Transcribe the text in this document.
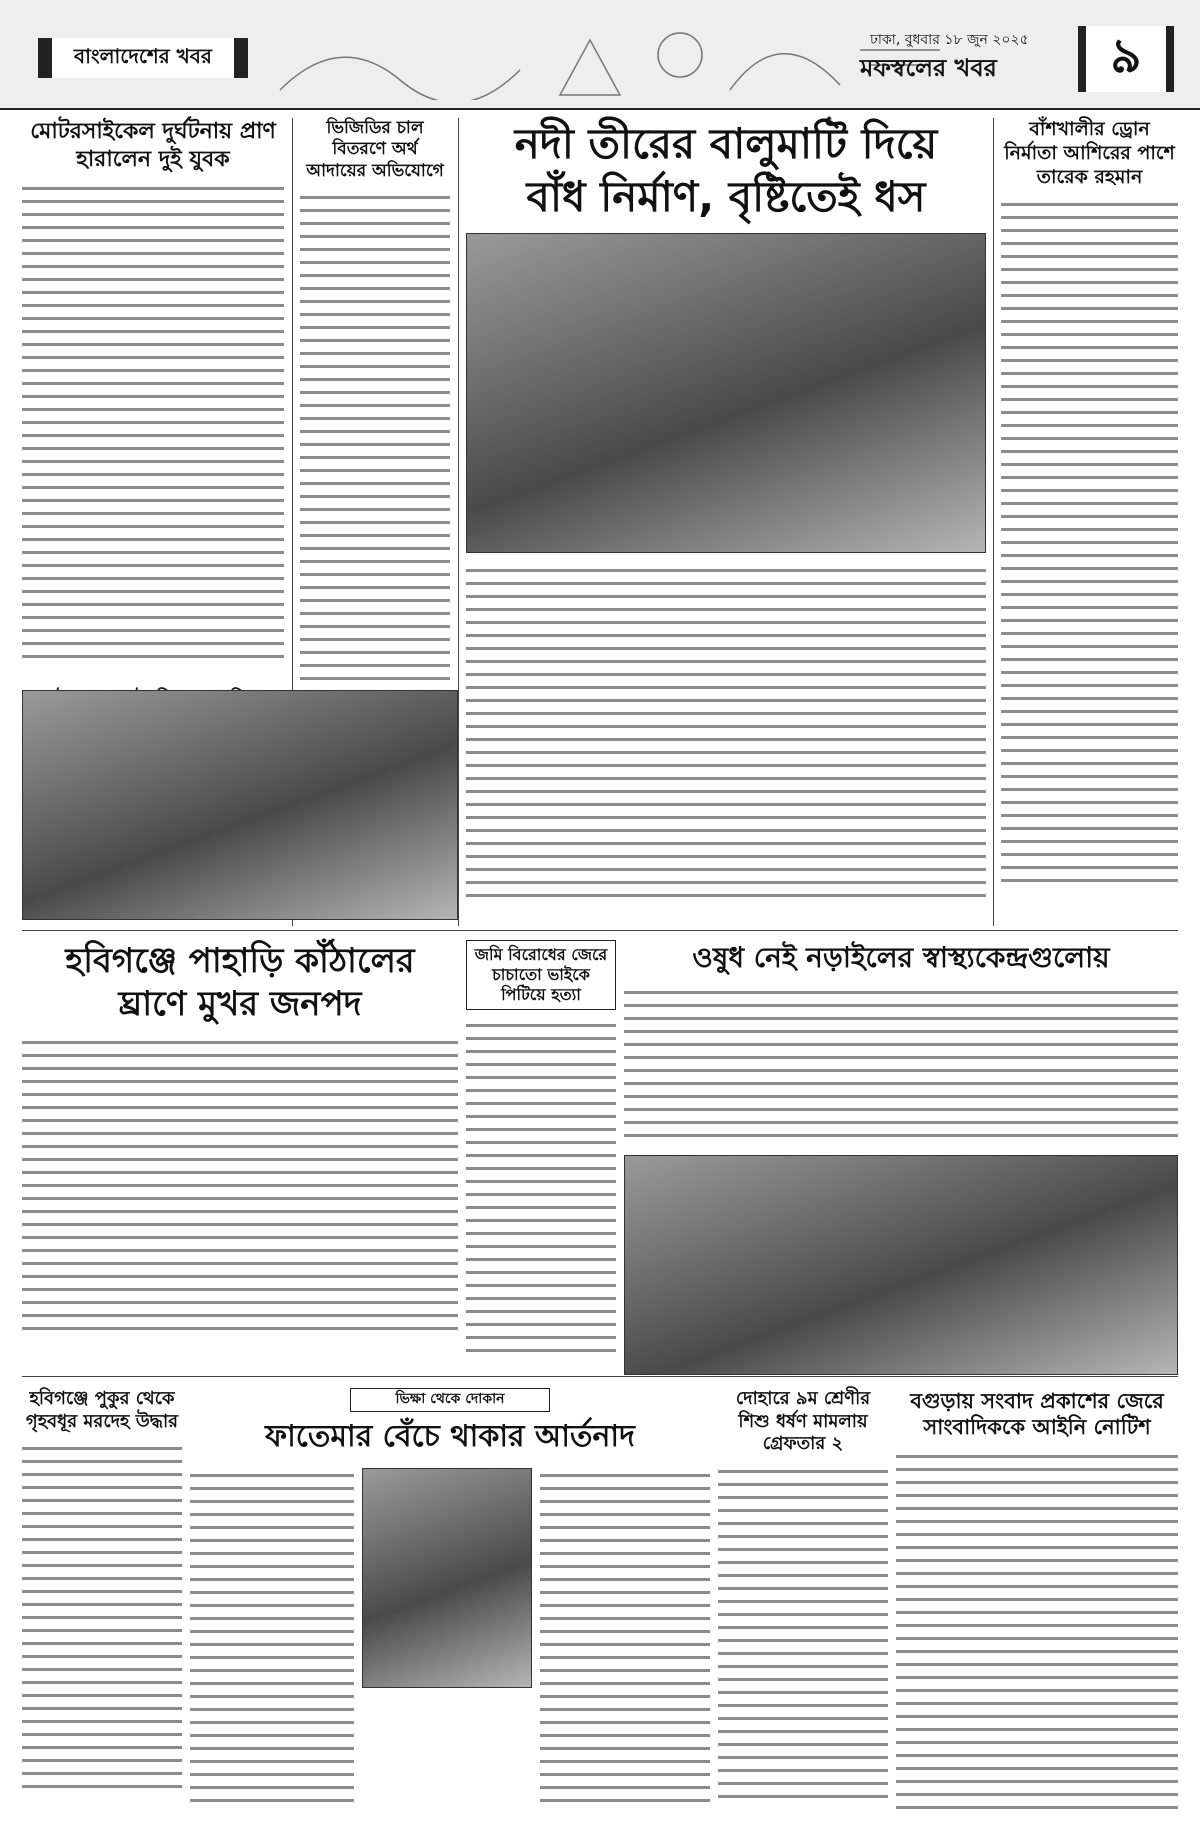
বাংলাদেশের খবর
ঢাকা, বুধবার ১৮ জুন ২০২৫
মফস্বলের খবর	৯
মোটরসাইকেল দুর্ঘটনায় প্রাণ হারালেন দুই যুবক
ভিজিডির চাল বিতরণে অর্থ আদায়ের অভিযোগে
নদী তীরের বালুমাটি দিয়ে
বাঁধ নির্মাণ, বৃষ্টিতেই ধস
বাঁশখালীর ড্রোন নির্মাতা আশিরের পাশে তারেক রহমান
হবিগঞ্জে পাহাড়ি কাঁঠালের
ঘ্রাণে মুখর জনপদ
জমি বিরোধের জেরে চাচাতো ভাইকে পিটিয়ে হত্যা
ওষুধ নেই নড়াইলের স্বাস্থ্যকেন্দ্রগুলোয়
হবিগঞ্জে পুকুর থেকে গৃহবধূর মরদেহ উদ্ধার
ভিক্ষা থেকে দোকান
ফাতেমার বেঁচে থাকার আর্তনাদ
দোহারে ৯ম শ্রেণীর শিশু ধর্ষণ মামলায় গ্রেফতার ২
বগুড়ায় সংবাদ প্রকাশের জেরে সাংবাদিককে আইনি নোটিশ
